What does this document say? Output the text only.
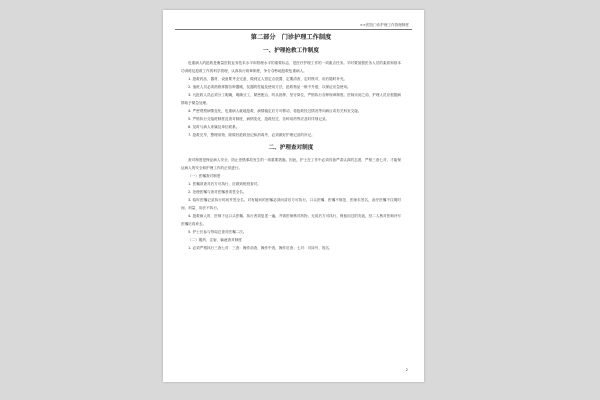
××医院门诊护理工作管理制度
第二部分　门诊护理工作制度
一、护理抢救工作制度

危重病人的抢救是衡量医院业务技术水平和管理水平的重要标志，是医疗护理工作的一项重点任务。平时要加强医务人员的素质和基本功训练及抢救工作的科学管理，认真执行规章制度，争分夺秒地抢救危重病人。

1. 抢救药品、器材、设备要齐全完备，做到定人管定点放置、定期清查、定时核对，用后随时补充。

2. 值班人员必须熟练掌握各种器械、仪器的性能及使用方法，抢救物品一般不外借，以保证应急使用。

3. 凡抢救人员必须分工明确，明确分工，紧密配合，听从指挥，坚守岗位，严格执行各种规章制度。医师未到之前，护理人员应根据病情给予紧急处理。

4. 严密观察病情变化，危重病人就地抢救，病情稳定后方可移动，将抢救经过情况等向病区或有关科室交接。

5. 严格执行交接班制度及查对制度，病情变化、抢救经过、各种用药等应及时详细记录。

6. 及时与病人家属及单位联系。

7. 抢救完毕，整理用物，除做好抢救登记和消毒外，必须做好护理记录的补记。

二、护理查对制度

查对制度是保证病人安全，防止差错事故发生的一项重要措施。因此，护士在工作中必须具备严肃认真的态度，严格三查七对，才能保证病人的安全和护理工作的正常进行。

（一）医嘱查对制度

1. 医嘱须查对后方可执行，应做到班班查对。

2. 处理医嘱与查对医嘱者须签全名。

3. 临时医嘱记录执行时间并签全名，对有疑问的医嘱必须问清后方可执行，口头医嘱、医嘱不规范、医师未签名，治疗医嘱不往明时间、剂量、用法不执行。

4. 抢救病人时，医师下达口头医嘱，执行者须复述一遍，并请医师核对药物，无误后方可执行，保留用过的安瓿，经二人核对医师补写医嘱后再弃去。

5. 护士长参与每周总查对医嘱二次。

（二）服药、注射、输液查对制度

1. 必须严格执行三查七对：三查：操作前查，操作中查，操作后查；七对：对床号、姓名、

2
